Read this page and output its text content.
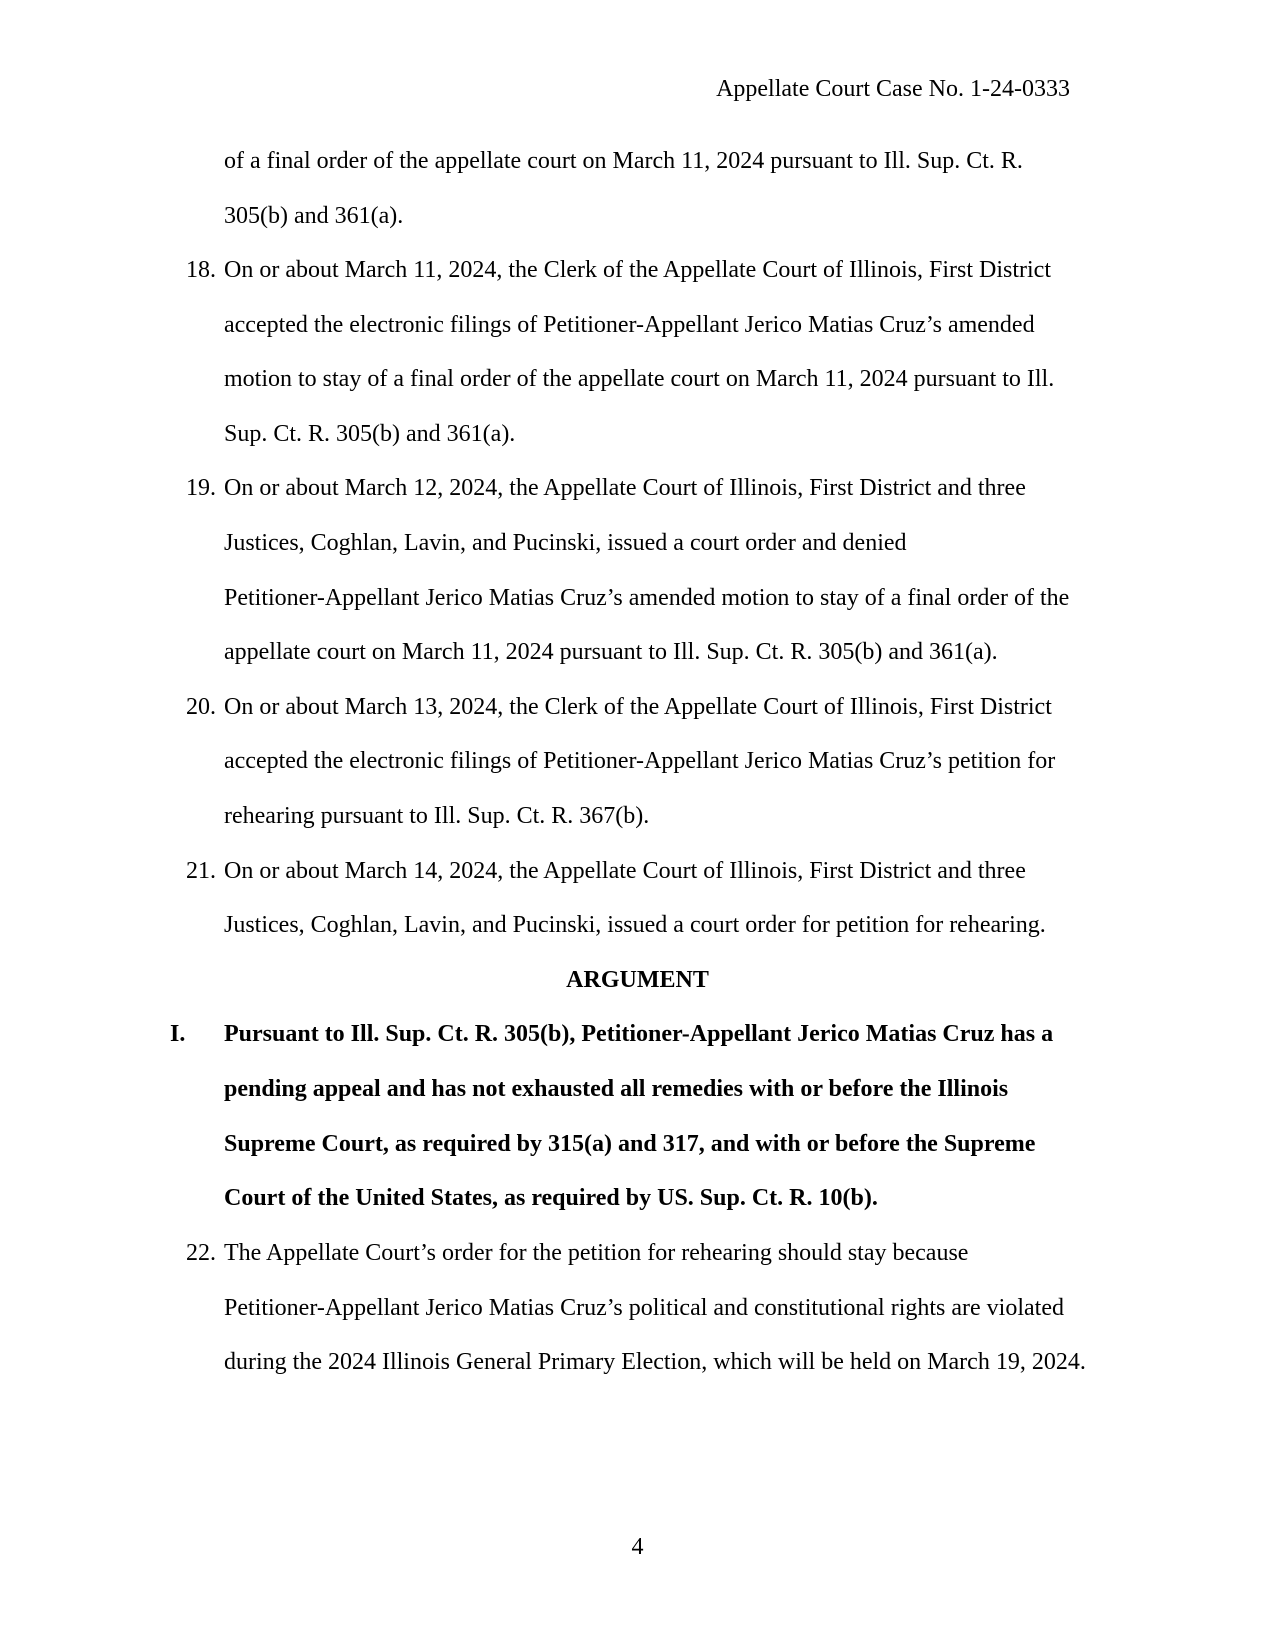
Appellate Court Case No. 1-24-0333
of a final order of the appellate court on March 11, 2024 pursuant to Ill. Sup. Ct. R.
305(b) and 361(a).
18. On or about March 11, 2024, the Clerk of the Appellate Court of Illinois, First District
accepted the electronic filings of Petitioner-Appellant Jerico Matias Cruz’s amended
motion to stay of a final order of the appellate court on March 11, 2024 pursuant to Ill.
Sup. Ct. R. 305(b) and 361(a).
19. On or about March 12, 2024, the Appellate Court of Illinois, First District and three
Justices, Coghlan, Lavin, and Pucinski, issued a court order and denied
Petitioner-Appellant Jerico Matias Cruz’s amended motion to stay of a final order of the
appellate court on March 11, 2024 pursuant to Ill. Sup. Ct. R. 305(b) and 361(a).
20. On or about March 13, 2024, the Clerk of the Appellate Court of Illinois, First District
accepted the electronic filings of Petitioner-Appellant Jerico Matias Cruz’s petition for
rehearing pursuant to Ill. Sup. Ct. R. 367(b).
21. On or about March 14, 2024, the Appellate Court of Illinois, First District and three
Justices, Coghlan, Lavin, and Pucinski, issued a court order for petition for rehearing.
ARGUMENT
I. Pursuant to Ill. Sup. Ct. R. 305(b), Petitioner-Appellant Jerico Matias Cruz has a
pending appeal and has not exhausted all remedies with or before the Illinois
Supreme Court, as required by 315(a) and 317, and with or before the Supreme
Court of the United States, as required by US. Sup. Ct. R. 10(b).
22. The Appellate Court’s order for the petition for rehearing should stay because
Petitioner-Appellant Jerico Matias Cruz’s political and constitutional rights are violated
during the 2024 Illinois General Primary Election, which will be held on March 19, 2024.
4
